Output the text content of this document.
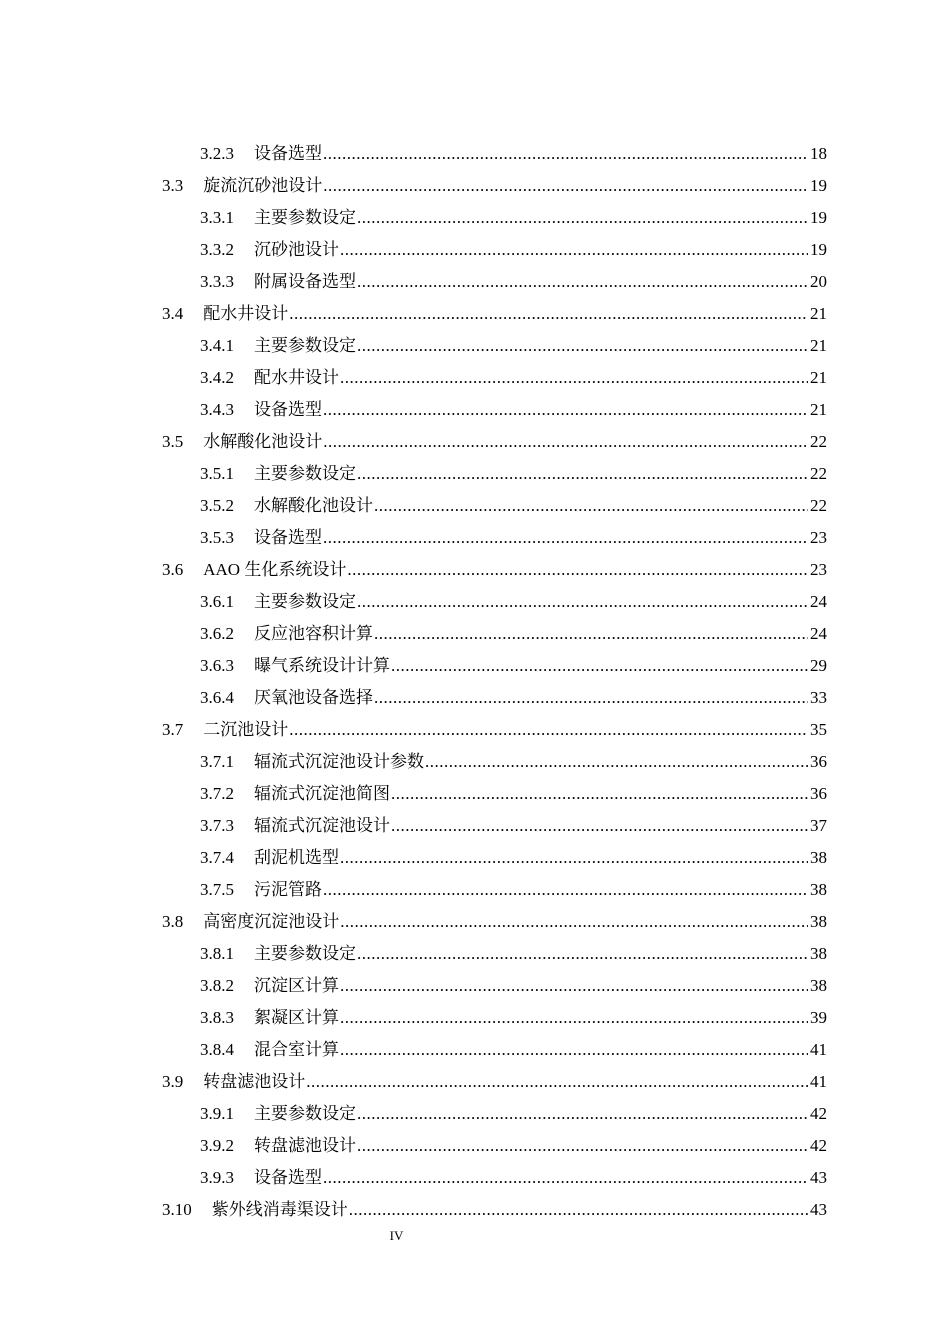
3.2.3 设备选型 .....	18
3.3 旋流沉砂池设计 .....	19
3.3.1 主要参数设定 .....	19
3.3.2 沉砂池设计 .....	19
3.3.3 附属设备选型 .....	20
3.4 配水井设计 .....	21
3.4.1 主要参数设定 .....	21
3.4.2 配水井设计 .....	21
3.4.3 设备选型 .....	21
3.5 水解酸化池设计 .....	22
3.5.1 主要参数设定 .....	22
3.5.2 水解酸化池设计 .....	22
3.5.3 设备选型 .....	23
3.6 AAO 生化系统设计 .....	23
3.6.1 主要参数设定 .....	24
3.6.2 反应池容积计算 .....	24
3.6.3 曝气系统设计计算 .....	29
3.6.4 厌氧池设备选择 .....	33
3.7 二沉池设计 .....	35
3.7.1 辐流式沉淀池设计参数 .....	36
3.7.2 辐流式沉淀池简图 .....	36
3.7.3 辐流式沉淀池设计 .....	37
3.7.4 刮泥机选型 .....	38
3.7.5 污泥管路 .....	38
3.8 高密度沉淀池设计 .....	38
3.8.1 主要参数设定 .....	38
3.8.2 沉淀区计算 .....	38
3.8.3 絮凝区计算 .....	39
3.8.4 混合室计算 .....	41
3.9 转盘滤池设计 .....	41
3.9.1 主要参数设定 .....	42
3.9.2 转盘滤池设计 .....	42
3.9.3 设备选型 .....	43
3.10 紫外线消毒渠设计 .....	43
IV
